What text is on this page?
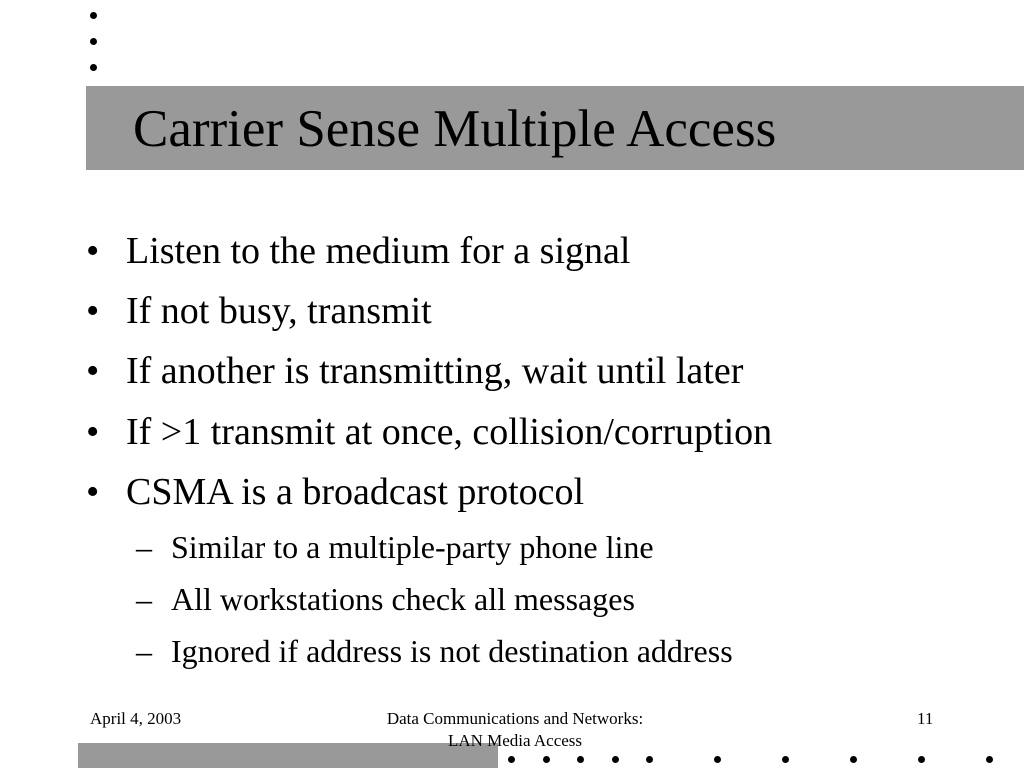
Carrier Sense Multiple Access
• Listen to the medium for a signal
• If not busy, transmit
• If another is transmitting, wait until later
• If >1 transmit at once, collision/corruption
• CSMA is a broadcast protocol
– Similar to a multiple-party phone line
– All workstations check all messages
– Ignored if address is not destination address
April 4, 2003	Data Communications and Networks:
LAN Media Access
11
